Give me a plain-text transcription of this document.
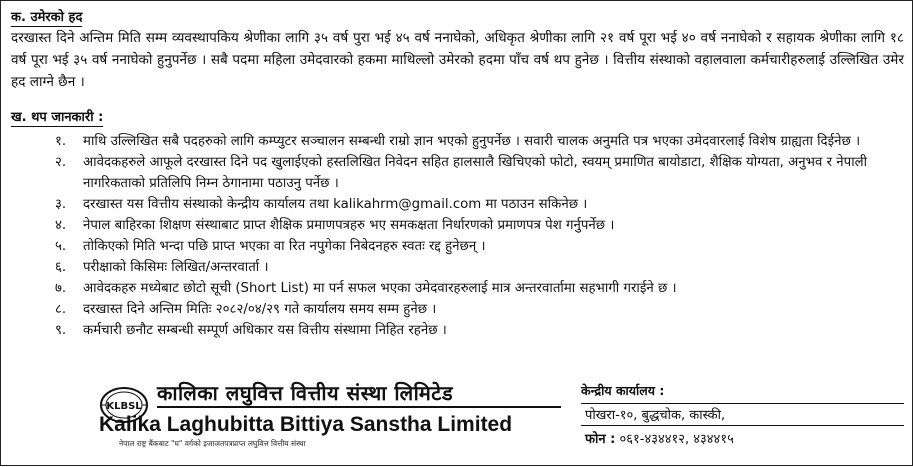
क. उमेरको हद
दरखास्त दिने अन्तिम मिति सम्म व्यवस्थापकिय श्रेणीका लागि ३५ वर्ष पुरा भई ४५ वर्ष ननाघेको, अधिकृत श्रेणीका लागि २१ वर्ष पूरा भई ४० वर्ष ननाघेको र सहायक श्रेणीका लागि १८ वर्ष पूरा भई ३५ वर्ष ननाघेको हुनुपर्नेछ । सबै पदमा महिला उमेदवारको हकमा माथिल्लो उमेरको हदमा पाँच वर्ष थप हुनेछ । वित्तीय संस्थाको वहालवाला कर्मचारीहरुलाई उल्लिखित उमेर हद लाग्ने छैन ।
ख. थप जानकारी :
१. माथि उल्लिखित सबै पदहरुको लागि कम्प्युटर सञ्चालन सम्बन्धी राम्रो ज्ञान भएको हुनुपर्नेछ । सवारी चालक अनुमति पत्र भएका उमेदवारलाई विशेष ग्राह्यता दिईनेछ ।
२. आवेदकहरुले आफूले दरखास्त दिने पद खुलाईएको हस्तलिखित निवेदन सहित हालसालै खिचिएको फोटो, स्वयम् प्रमाणित बायोडाटा, शैक्षिक योग्यता, अनुभव र नेपाली नागरिकताको प्रतिलिपि निम्न ठेगानामा पठाउनु पर्नेछ ।
३. दरखास्त यस वित्तीय संस्थाको केन्द्रीय कार्यालय तथा kalikahrm@gmail.com मा पठाउन सकिनेछ ।
४. नेपाल बाहिरका शिक्षण संस्थाबाट प्राप्त शैक्षिक प्रमाणपत्रहरु भए समकक्षता निर्धारणको प्रमाणपत्र पेश गर्नुपर्नेछ ।
५. तोकिएको मिति भन्दा पछि प्राप्त भएका वा रित नपुगेका निबेदनहरु स्वतः रद्द हुनेछन् ।
६. परीक्षाको किसिमः लिखित/अन्तरवार्ता ।
७. आवेदकहरु मध्येबाट छोटो सूची (Short List) मा पर्न सफल भएका उमेदवारहरुलाई मात्र अन्तरवार्तामा सहभागी गराईने छ ।
८. दरखास्त दिने अन्तिम मितिः २०८२/०४/२९ गते कार्यालय समय सम्म हुनेछ ।
९. कर्मचारी छनौट सम्बन्धी सम्पूर्ण अधिकार यस वित्तीय संस्थामा निहित रहनेछ ।
KLBSL
कालिका लघुवित्त वित्तीय संस्था लिमिटेड
Kalika Laghubitta Bittiya Sanstha Limited
नेपाल राष्ट्र बैंकबाट "घ" वर्गको इजाजतपत्रप्राप्त लघुवित्त वित्तीय संस्था
केन्द्रीय कार्यालय :
पोखरा-१०, बुद्धचोक, कास्की,
फोन : ०६१-४३४४१२, ४३४४१५
